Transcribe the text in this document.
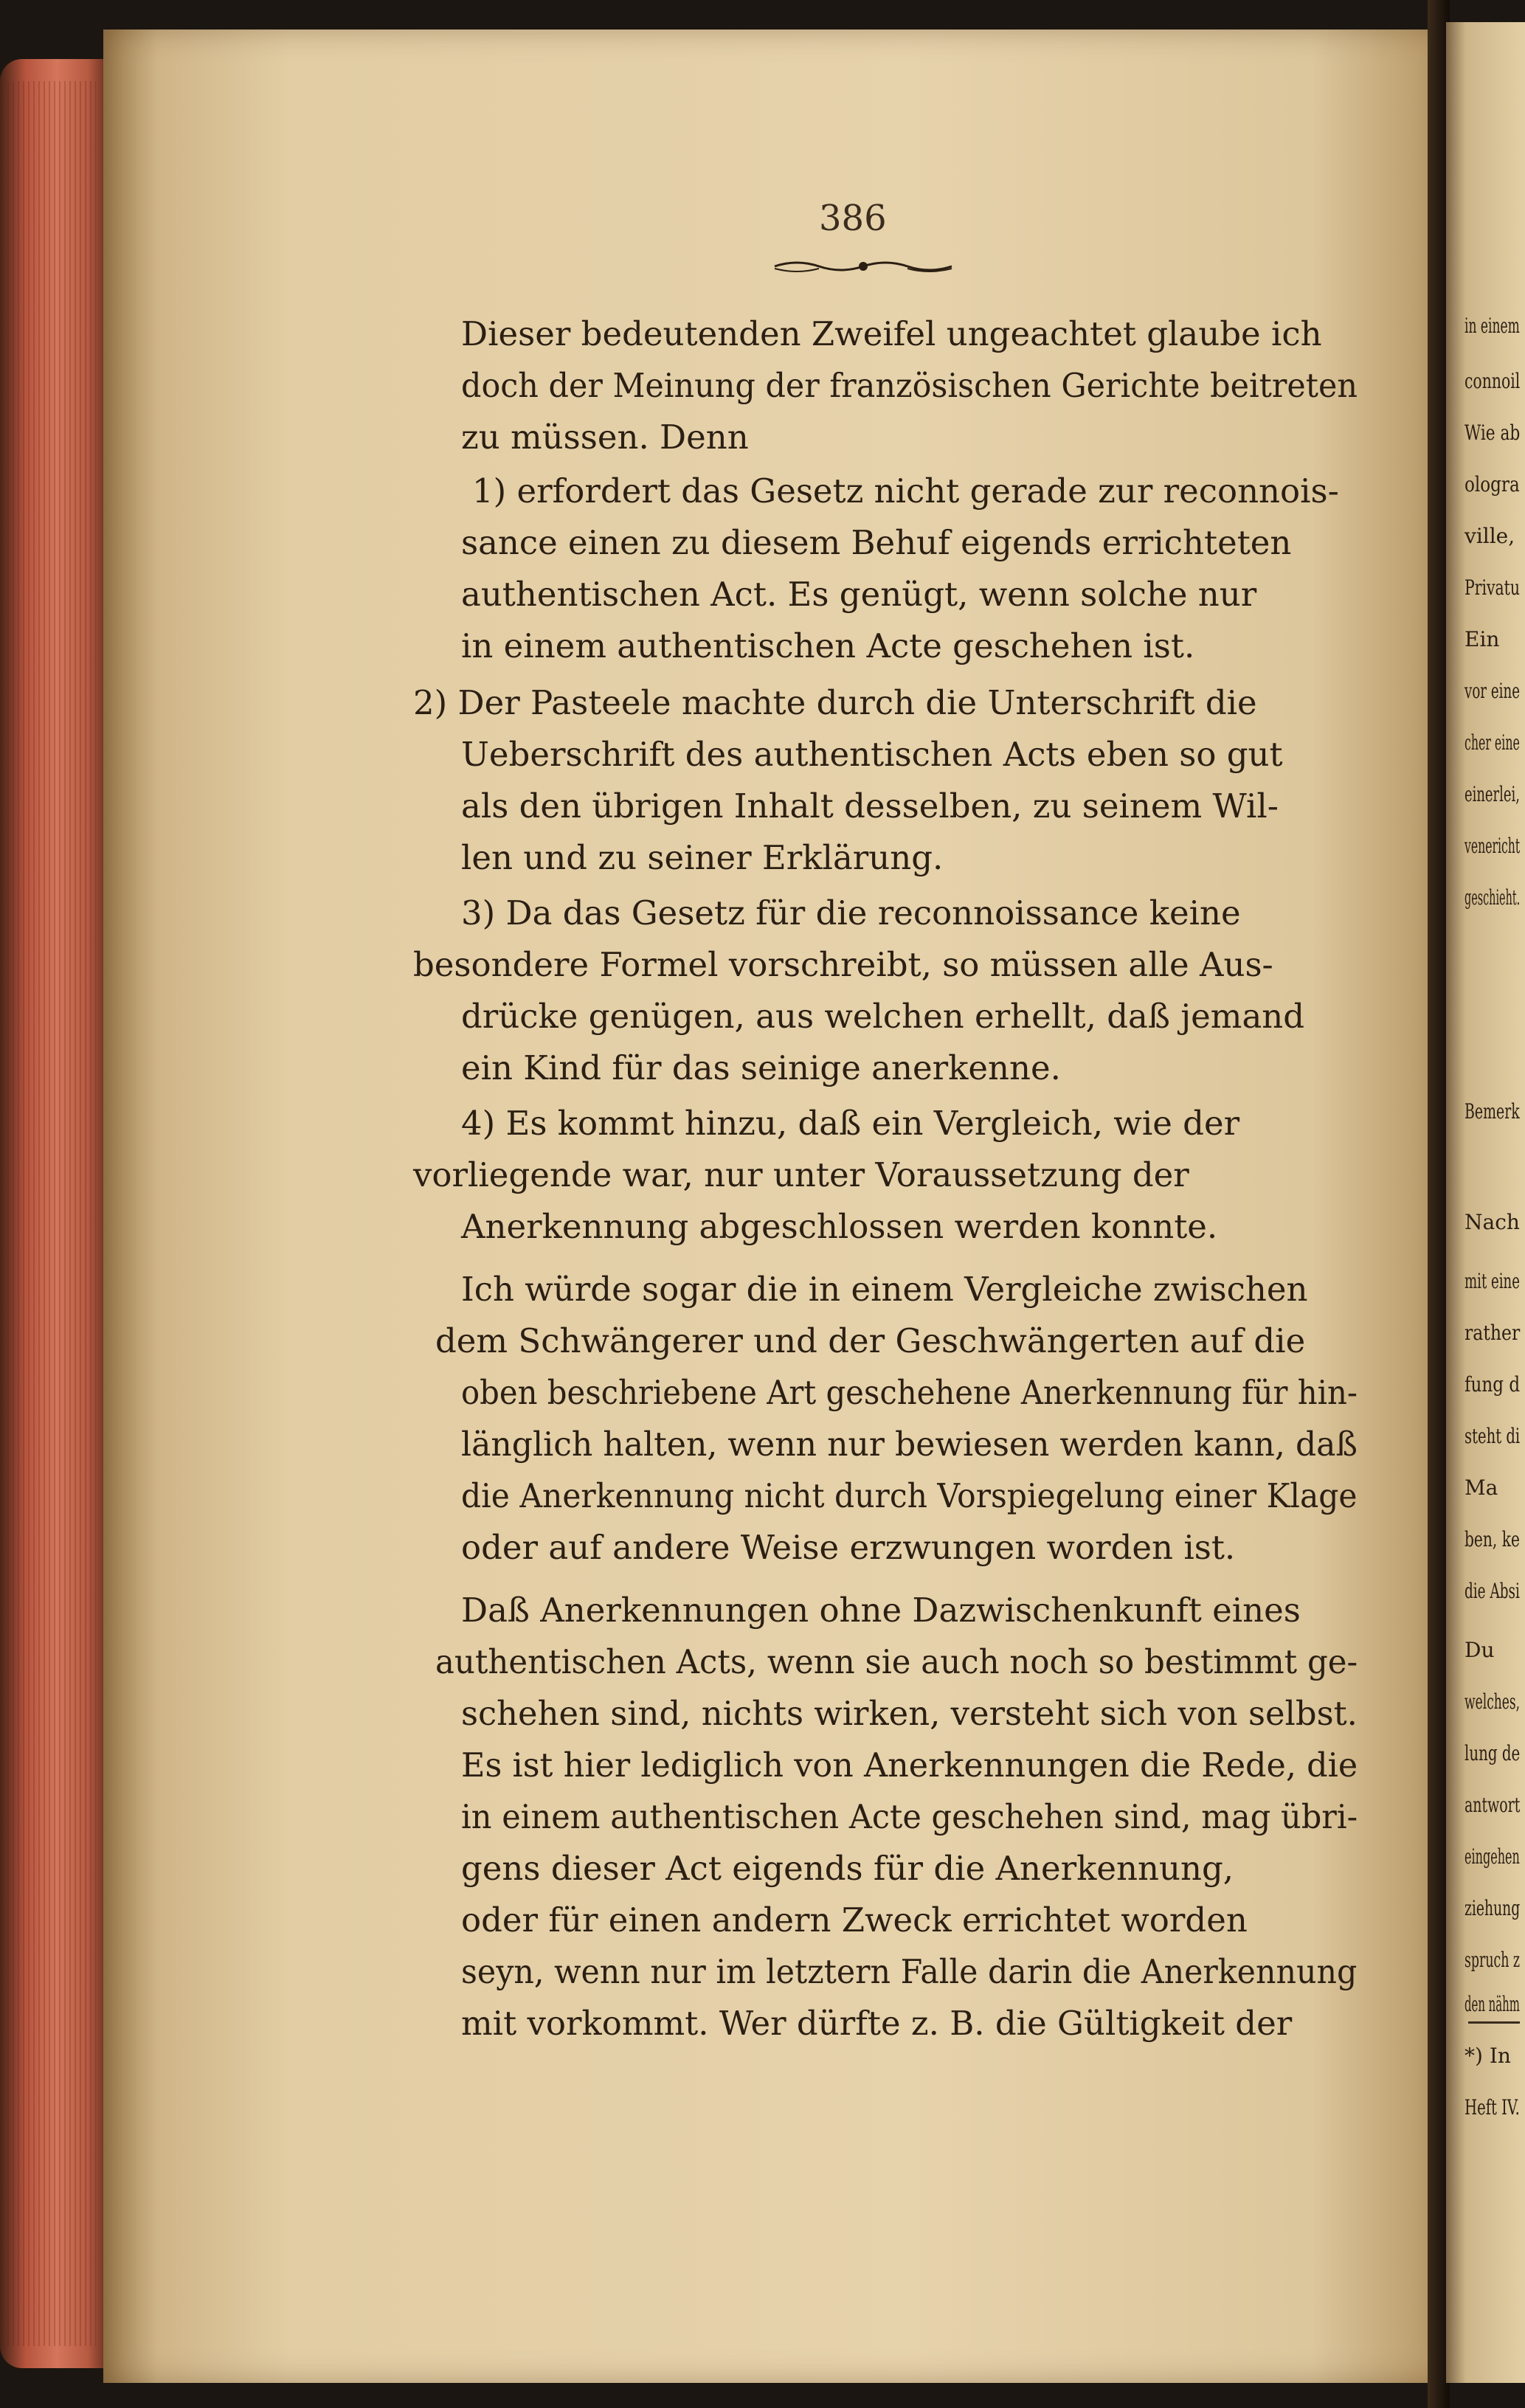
386
Dieser bedeutenden Zweifel ungeachtet glaube ich
doch der Meinung der französischen Gerichte beitreten
zu müssen. Denn
1) erfordert das Gesetz nicht gerade zur reconnois-
sance einen zu diesem Behuf eigends errichteten
authentischen Act. Es genügt, wenn solche nur
in einem authentischen Acte geschehen ist.
2) Der Pasteele machte durch die Unterschrift die
Ueberschrift des authentischen Acts eben so gut
als den übrigen Inhalt desselben, zu seinem Wil-
len und zu seiner Erklärung.
3) Da das Gesetz für die reconnoissance keine
besondere Formel vorschreibt, so müssen alle Aus-
drücke genügen, aus welchen erhellt, daß jemand
ein Kind für das seinige anerkenne.
4) Es kommt hinzu, daß ein Vergleich, wie der
vorliegende war, nur unter Voraussetzung der
Anerkennung abgeschlossen werden konnte.
Ich würde sogar die in einem Vergleiche zwischen
dem Schwängerer und der Geschwängerten auf die
oben beschriebene Art geschehene Anerkennung für hin-
länglich halten, wenn nur bewiesen werden kann, daß
die Anerkennung nicht durch Vorspiegelung einer Klage
oder auf andere Weise erzwungen worden ist.
Daß Anerkennungen ohne Dazwischenkunft eines
authentischen Acts, wenn sie auch noch so bestimmt ge-
schehen sind, nichts wirken, versteht sich von selbst.
Es ist hier lediglich von Anerkennungen die Rede, die
in einem authentischen Acte geschehen sind, mag übri-
gens dieser Act eigends für die Anerkennung,
oder für einen andern Zweck errichtet worden
seyn, wenn nur im letztern Falle darin die Anerkennung
mit vorkommt. Wer dürfte z. B. die Gültigkeit der
in einem
connoil
Wie ab
ologra
ville,
Privatu
Ein
vor eine
cher eine
einerlei,
venericht
geschieht.
Bemerk
Nach
mit eine
rather
fung d
steht di
Ma
ben, ke
die Absi
Du
welches,
lung de
antwort
eingehen
ziehung
spruch z
den nähm
*) In
Heft IV.
